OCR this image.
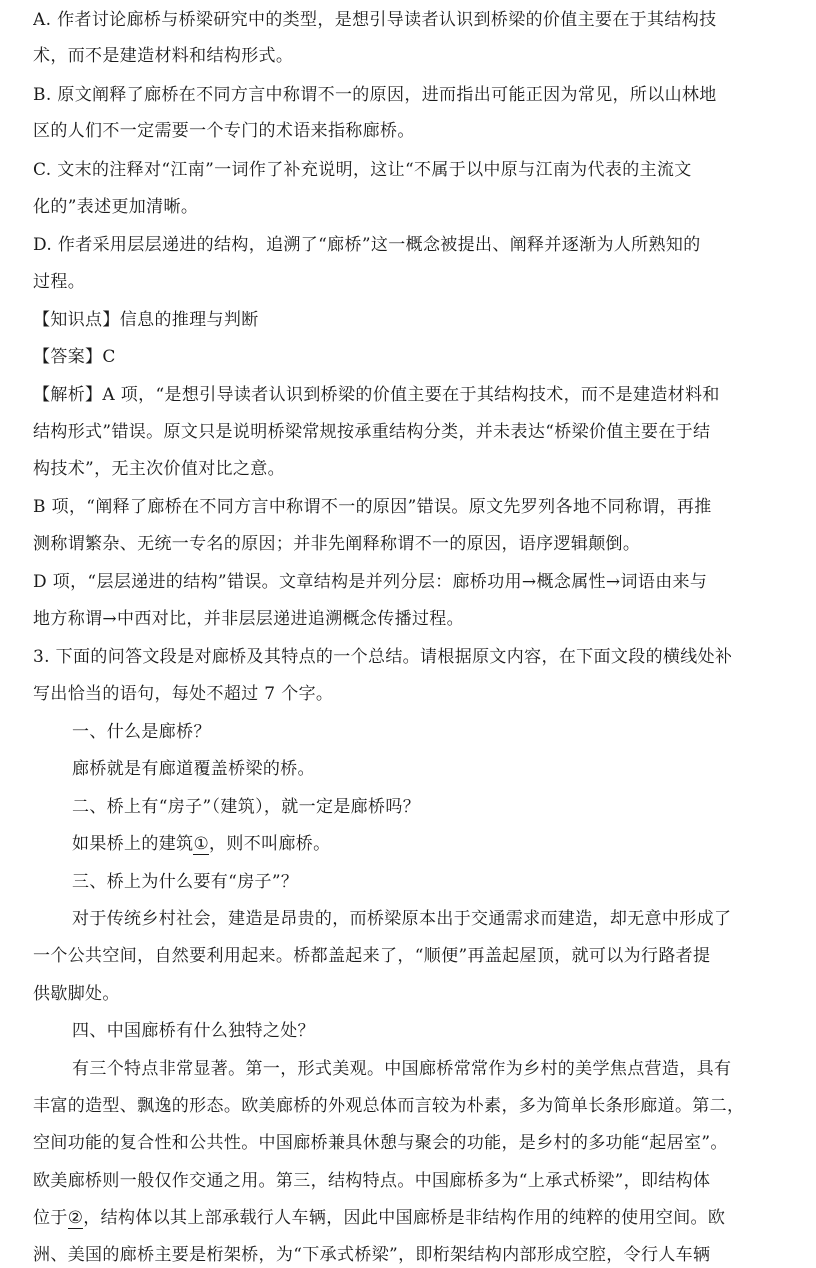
A. 作者讨论廊桥与桥梁研究中的类型，是想引导读者认识到桥梁的价值主要在于其结构技
术，而不是建造材料和结构形式。
B. 原文阐释了廊桥在不同方言中称谓不一的原因，进而指出可能正因为常见，所以山林地
区的人们不一定需要一个专门的术语来指称廊桥。
C. 文末的注释对“江南”一词作了补充说明，这让“不属于以中原与江南为代表的主流文
化的”表述更加清晰。
D. 作者采用层层递进的结构，追溯了“廊桥”这一概念被提出、阐释并逐渐为人所熟知的
过程。
【知识点】信息的推理与判断
【答案】C
【解析】A 项，“是想引导读者认识到桥梁的价值主要在于其结构技术，而不是建造材料和
结构形式”错误。原文只是说明桥梁常规按承重结构分类，并未表达“桥梁价值主要在于结
构技术”，无主次价值对比之意。
B 项，“阐释了廊桥在不同方言中称谓不一的原因”错误。原文先罗列各地不同称谓，再推
测称谓繁杂、无统一专名的原因；并非先阐释称谓不一的原因，语序逻辑颠倒。
D 项，“层层递进的结构”错误。文章结构是并列分层：廊桥功用→概念属性→词语由来与
地方称谓→中西对比，并非层层递进追溯概念传播过程。
3. 下面的问答文段是对廊桥及其特点的一个总结。请根据原文内容，在下面文段的横线处补
写出恰当的语句，每处不超过 7 个字。
一、什么是廊桥？
廊桥就是有廊道覆盖桥梁的桥。
二、桥上有“房子”（建筑），就一定是廊桥吗？
如果桥上的建筑①，则不叫廊桥。
三、桥上为什么要有“房子”？
对于传统乡村社会，建造是昂贵的，而桥梁原本出于交通需求而建造，却无意中形成了
一个公共空间，自然要利用起来。桥都盖起来了，“顺便”再盖起屋顶，就可以为行路者提
供歇脚处。
四、中国廊桥有什么独特之处？
有三个特点非常显著。第一，形式美观。中国廊桥常常作为乡村的美学焦点营造，具有
丰富的造型、飘逸的形态。欧美廊桥的外观总体而言较为朴素，多为简单长条形廊道。第二，
空间功能的复合性和公共性。中国廊桥兼具休憩与聚会的功能，是乡村的多功能“起居室”。
欧美廊桥则一般仅作交通之用。第三，结构特点。中国廊桥多为“上承式桥梁”，即结构体
位于②，结构体以其上部承载行人车辆，因此中国廊桥是非结构作用的纯粹的使用空间。欧
洲、美国的廊桥主要是桁架桥，为“下承式桥梁”，即桁架结构内部形成空腔，令行人车辆
